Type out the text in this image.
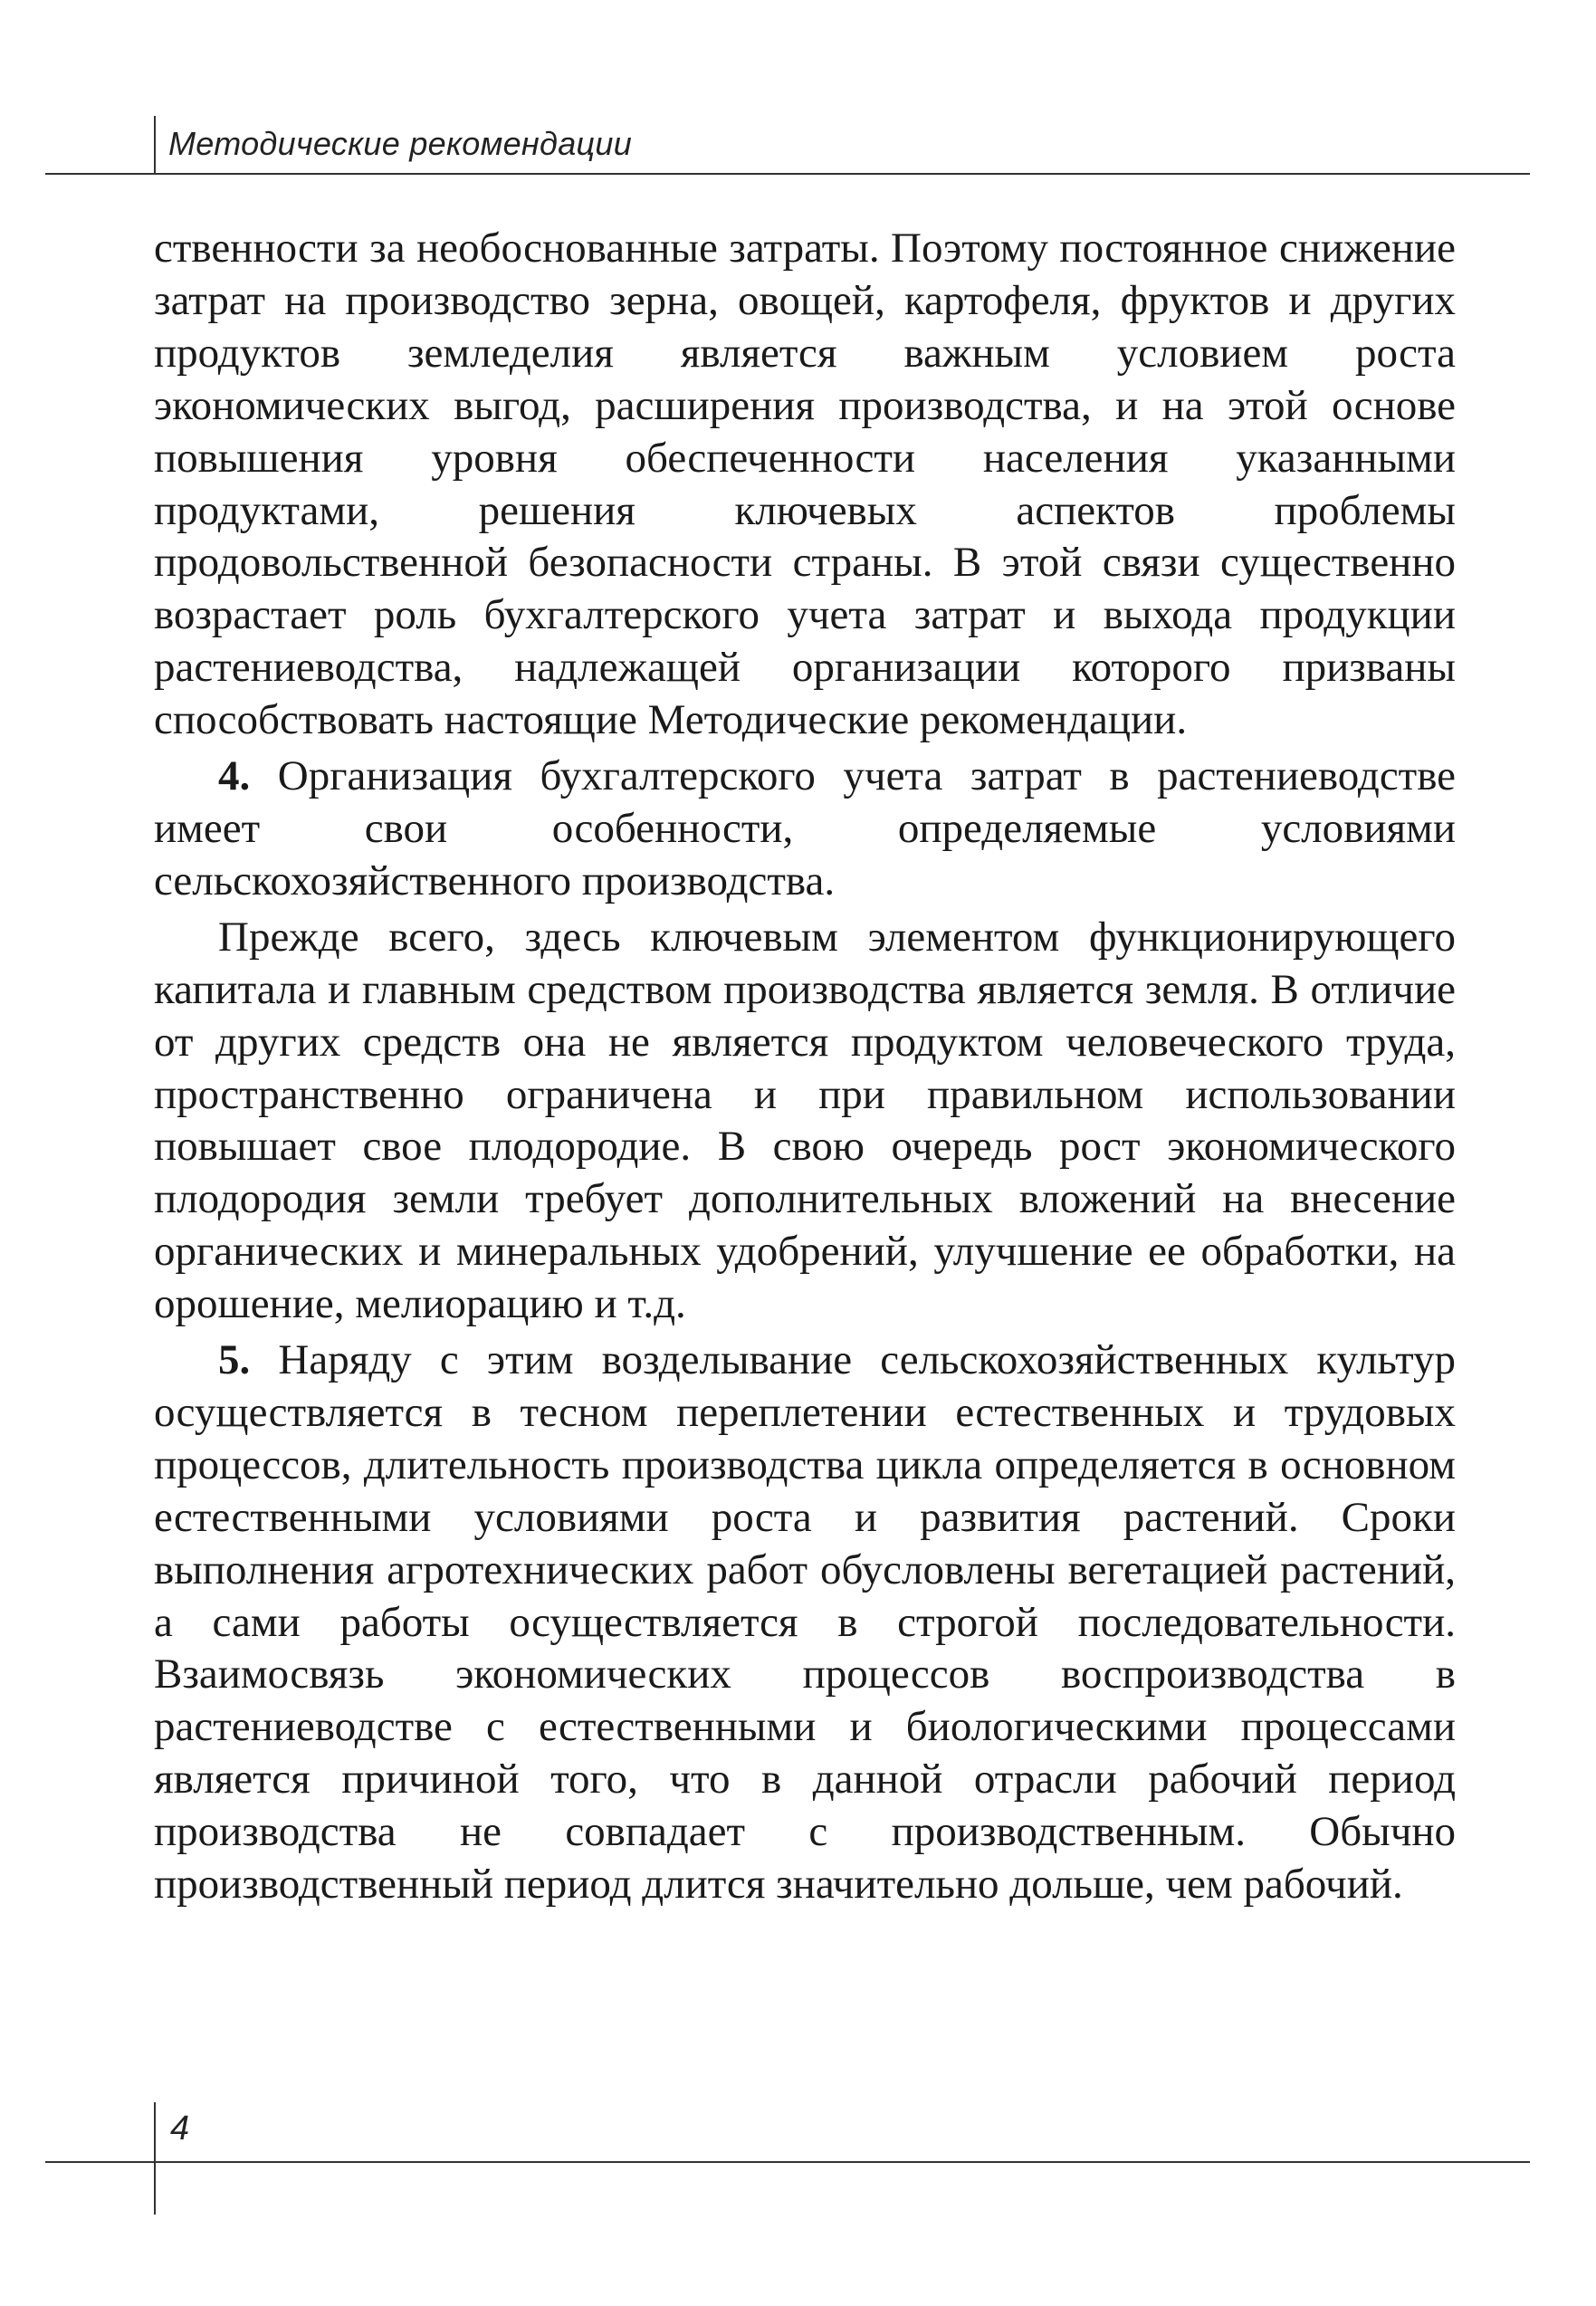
Методические рекомендации

ственности за необоснованные затраты. Поэтому постоянное снижение затрат на производство зерна, овощей, картофеля, фруктов и других продуктов земледелия является важным условием роста экономических выгод, расширения производства, и на этой основе повышения уровня обеспеченности населения указанными продуктами, решения ключевых аспектов проблемы продовольственной безопасности страны. В этой связи существенно возрастает роль бухгалтерского учета затрат и выхода продукции растениеводства, надлежащей организации которого призваны способствовать настоящие Методические рекомендации.

4. Организация бухгалтерского учета затрат в растениеводстве имеет свои особенности, определяемые условиями сельскохозяйственного производства.

Прежде всего, здесь ключевым элементом функционирующего капитала и главным средством производства является земля. В отличие от других средств она не является продуктом человеческого труда, пространственно ограничена и при правильном использовании повышает свое плодородие. В свою очередь рост экономического плодородия земли требует дополнительных вложений на внесение органических и минеральных удобрений, улучшение ее обработки, на орошение, мелиорацию и т.д.

5. Наряду с этим возделывание сельскохозяйственных культур осуществляется в тесном переплетении естественных и трудовых процессов, длительность производства цикла определяется в основном естественными условиями роста и развития растений. Сроки выполнения агротехнических работ обусловлены вегетацией растений, а сами работы осуществляется в строгой последовательности. Взаимосвязь экономических процессов воспроизводства в растениеводстве с естественными и биологическими процессами является причиной того, что в данной отрасли рабочий период производства не совпадает с производственным. Обычно производственный период длится значительно дольше, чем рабочий.

4
